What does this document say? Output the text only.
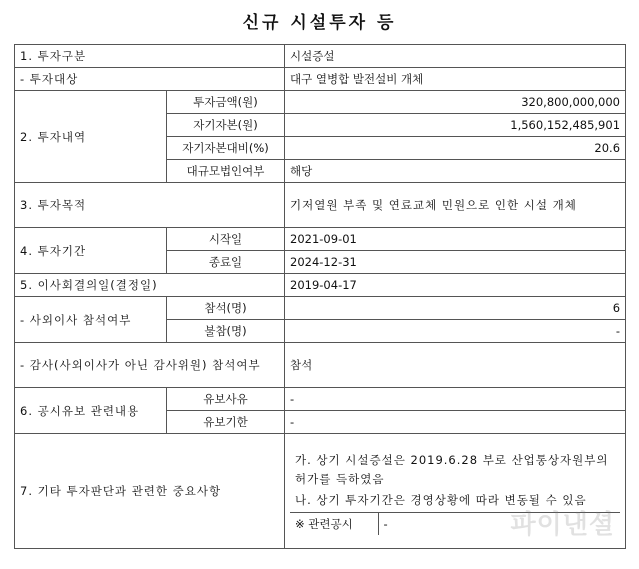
신규 시설투자 등
1. 투자구분	시설증설
- 투자대상	대구 열병합 발전설비 개체
2. 투자내역	투자금액(원)	320,800,000,000
자기자본(원)	1,560,152,485,901
자기자본대비(%)	20.6
대규모법인여부	해당
3. 투자목적	기저열원 부족 및 연료교체 민원으로 인한 시설 개체
4. 투자기간	시작일	2021-09-01
종료일	2024-12-31
5. 이사회결의일(결정일)	2019-04-17
- 사외이사 참석여부	참석(명)	6
불참(명)	-
- 감사(사외이사가 아닌 감사위원) 참석여부	참석
6. 공시유보 관련내용	유보사유	-
유보기한	-
7. 기타 투자판단과 관련한 중요사항	
가. 상기 시설증설은 2019.6.28 부로 산업통상자원부의 허가를 득하였음
나. 상기 투자기간은 경영상황에 따라 변동될 수 있음
※ 관련공시	-	파이낸셜
